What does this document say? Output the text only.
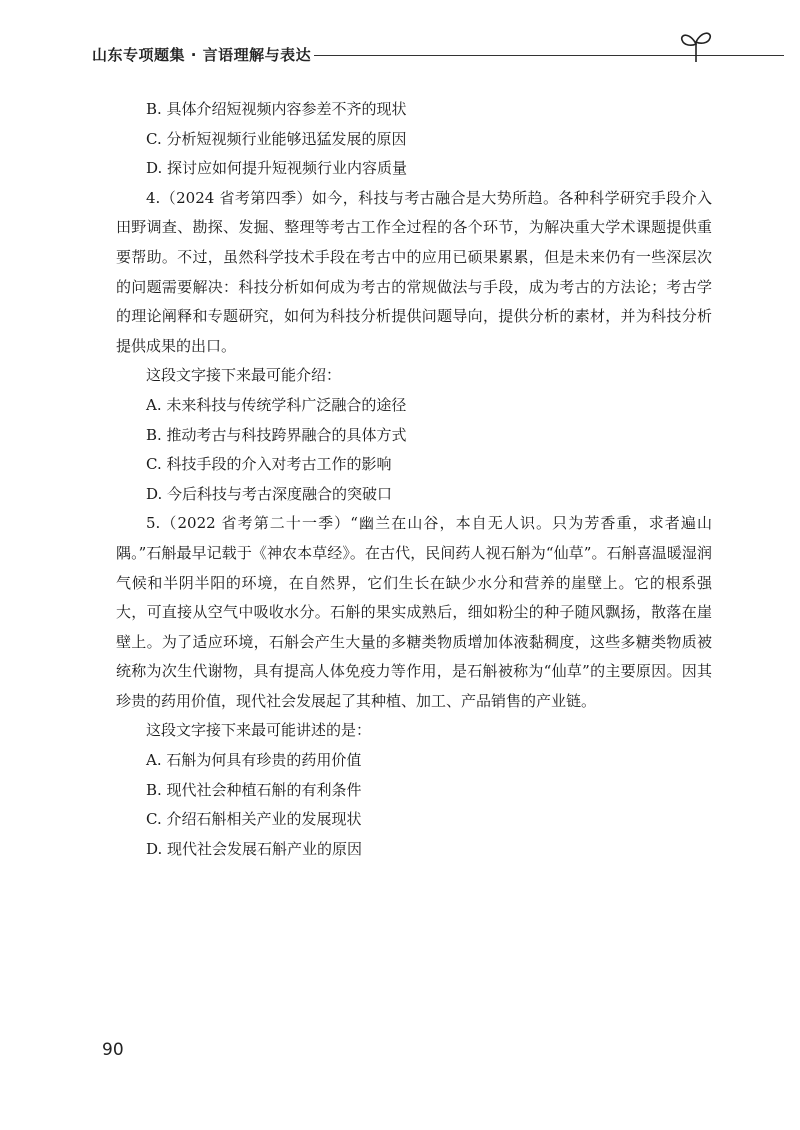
山东专项题集 · 言语理解与表达

B. 具体介绍短视频内容参差不齐的现状

C. 分析短视频行业能够迅猛发展的原因

D. 探讨应如何提升短视频行业内容质量

4.（2024 省考第四季）如今，科技与考古融合是大势所趋。各种科学研究手段介入田野调查、勘探、发掘、整理等考古工作全过程的各个环节，为解决重大学术课题提供重要帮助。不过，虽然科学技术手段在考古中的应用已硕果累累，但是未来仍有一些深层次的问题需要解决：科技分析如何成为考古的常规做法与手段，成为考古的方法论；考古学的理论阐释和专题研究，如何为科技分析提供问题导向，提供分析的素材，并为科技分析提供成果的出口。

这段文字接下来最可能介绍：

A. 未来科技与传统学科广泛融合的途径

B. 推动考古与科技跨界融合的具体方式

C. 科技手段的介入对考古工作的影响

D. 今后科技与考古深度融合的突破口

5.（2022 省考第二十一季）“幽兰在山谷，本自无人识。只为芳香重，求者遍山隅。”石斛最早记载于《神农本草经》。在古代，民间药人视石斛为“仙草”。石斛喜温暖湿润气候和半阴半阳的环境，在自然界，它们生长在缺少水分和营养的崖壁上。它的根系强大，可直接从空气中吸收水分。石斛的果实成熟后，细如粉尘的种子随风飘扬，散落在崖壁上。为了适应环境，石斛会产生大量的多糖类物质增加体液黏稠度，这些多糖类物质被统称为次生代谢物，具有提高人体免疫力等作用，是石斛被称为“仙草”的主要原因。因其珍贵的药用价值，现代社会发展起了其种植、加工、产品销售的产业链。

这段文字接下来最可能讲述的是：

A. 石斛为何具有珍贵的药用价值

B. 现代社会种植石斛的有利条件

C. 介绍石斛相关产业的发展现状

D. 现代社会发展石斛产业的原因

90
